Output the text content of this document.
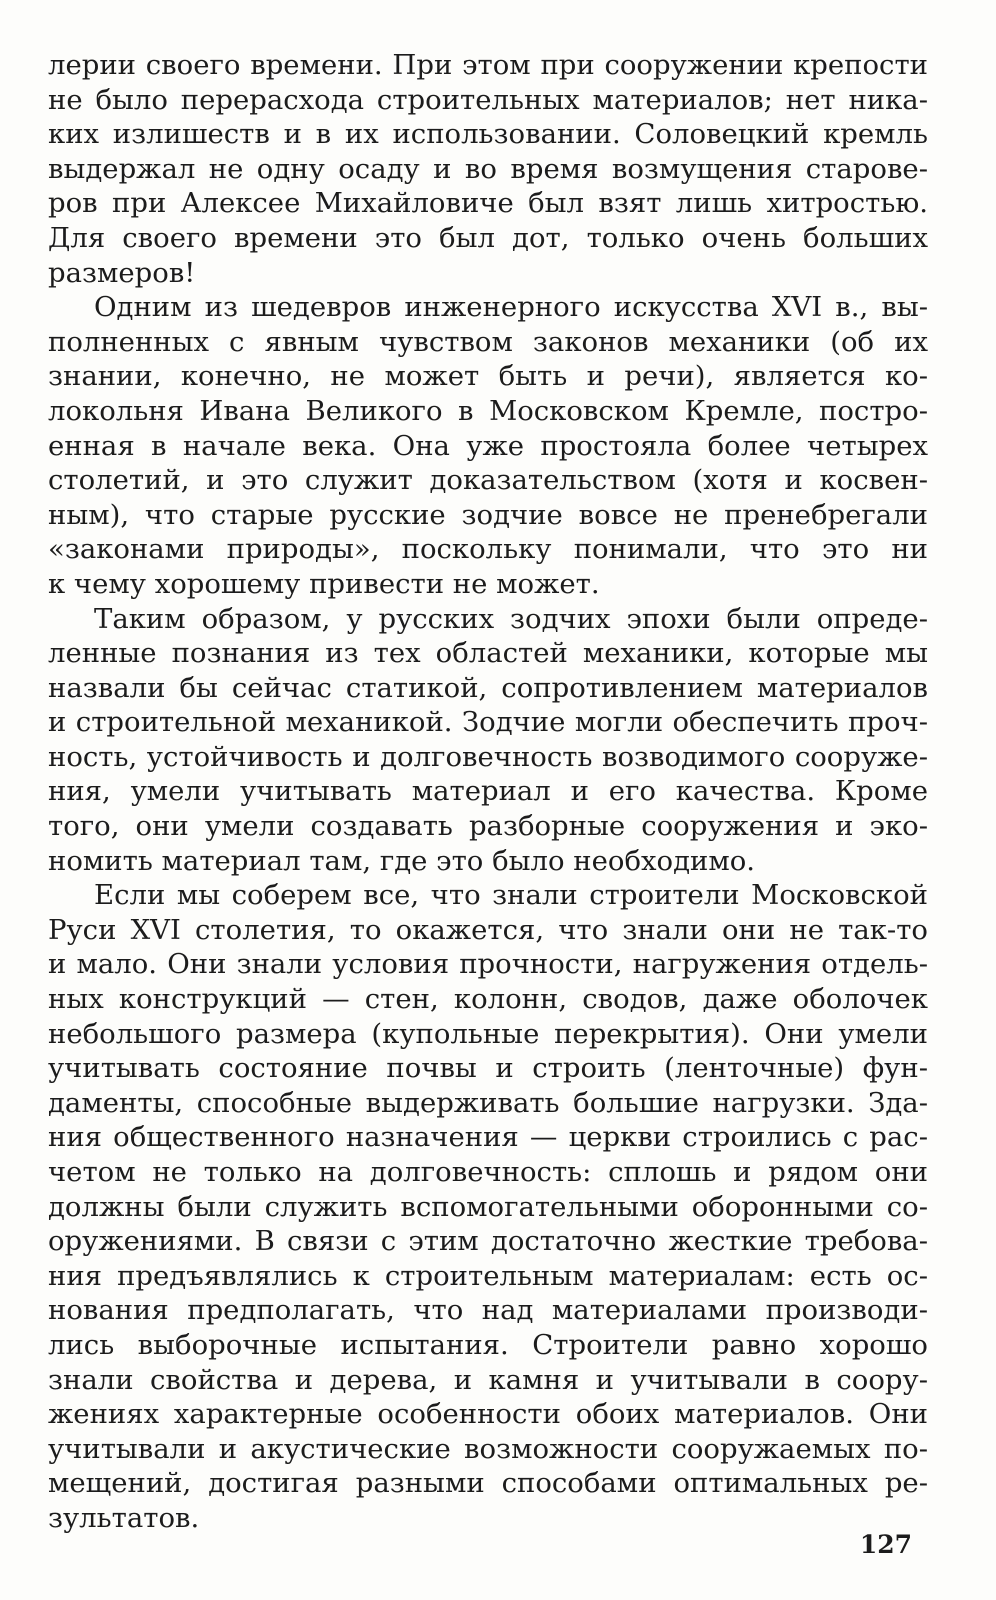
лерии своего времени. При этом при сооружении крепости
не было перерасхода строительных материалов; нет никa-
ких излишеств и в их использовании. Соловецкий кремль
выдержал не одну осаду и во время возмущения старове-
ров при Алексее Михайловиче был взят лишь хитростью.
Для своего времени это был дот, только очень больших
размеров!

Одним из шедевров инженерного искусства XVI в., вы-
полненных с явным чувством законов механики (об их
знании, конечно, не может быть и речи), является ко-
локольня Ивана Великого в Московском Кремле, постро-
енная в начале века. Она уже простояла более четырех
столетий, и это служит доказательством (хотя и косвен-
ным), что старые русские зодчие вовсе не пренебрегали
«законами природы», поскольку понимали, что это ни
к чему хорошему привести не может.

Таким образом, у русских зодчих эпохи были опреде-
ленные познания из тех областей механики, которые мы
назвали бы сейчас статикой, сопротивлением материалов
и строительной механикой. Зодчие могли обеспечить проч-
ность, устойчивость и долговечность возводимого сооруже-
ния, умели учитывать материал и его качества. Кроме
того, они умели создавать разборные сооружения и эко-
номить материал там, где это было необходимо.

Если мы соберем все, что знали строители Московской
Руси XVI столетия, то окажется, что знали они не так-то
и мало. Они знали условия прочности, нагружения отдель-
ных конструкций — стен, колонн, сводов, даже оболочек
небольшого размера (купольные перекрытия). Они умели
учитывать состояние почвы и строить (ленточные) фун-
даменты, способные выдерживать большие нагрузки. Зда-
ния общественного назначения — церкви строились с рас-
четом не только на долговечность: сплошь и рядом они
должны были служить вспомогательными оборонными со-
оружениями. В связи с этим достаточно жесткие требова-
ния предъявлялись к строительным материалам: есть ос-
нования предполагать, что над материалами производи-
лись выборочные испытания. Строители равно хорошо
знали свойства и дерева, и камня и учитывали в соору-
жениях характерные особенности обоих материалов. Они
учитывали и акустические возможности сооружаемых по-
мещений, достигая разными способами оптимальных ре-
зультатов.

127
